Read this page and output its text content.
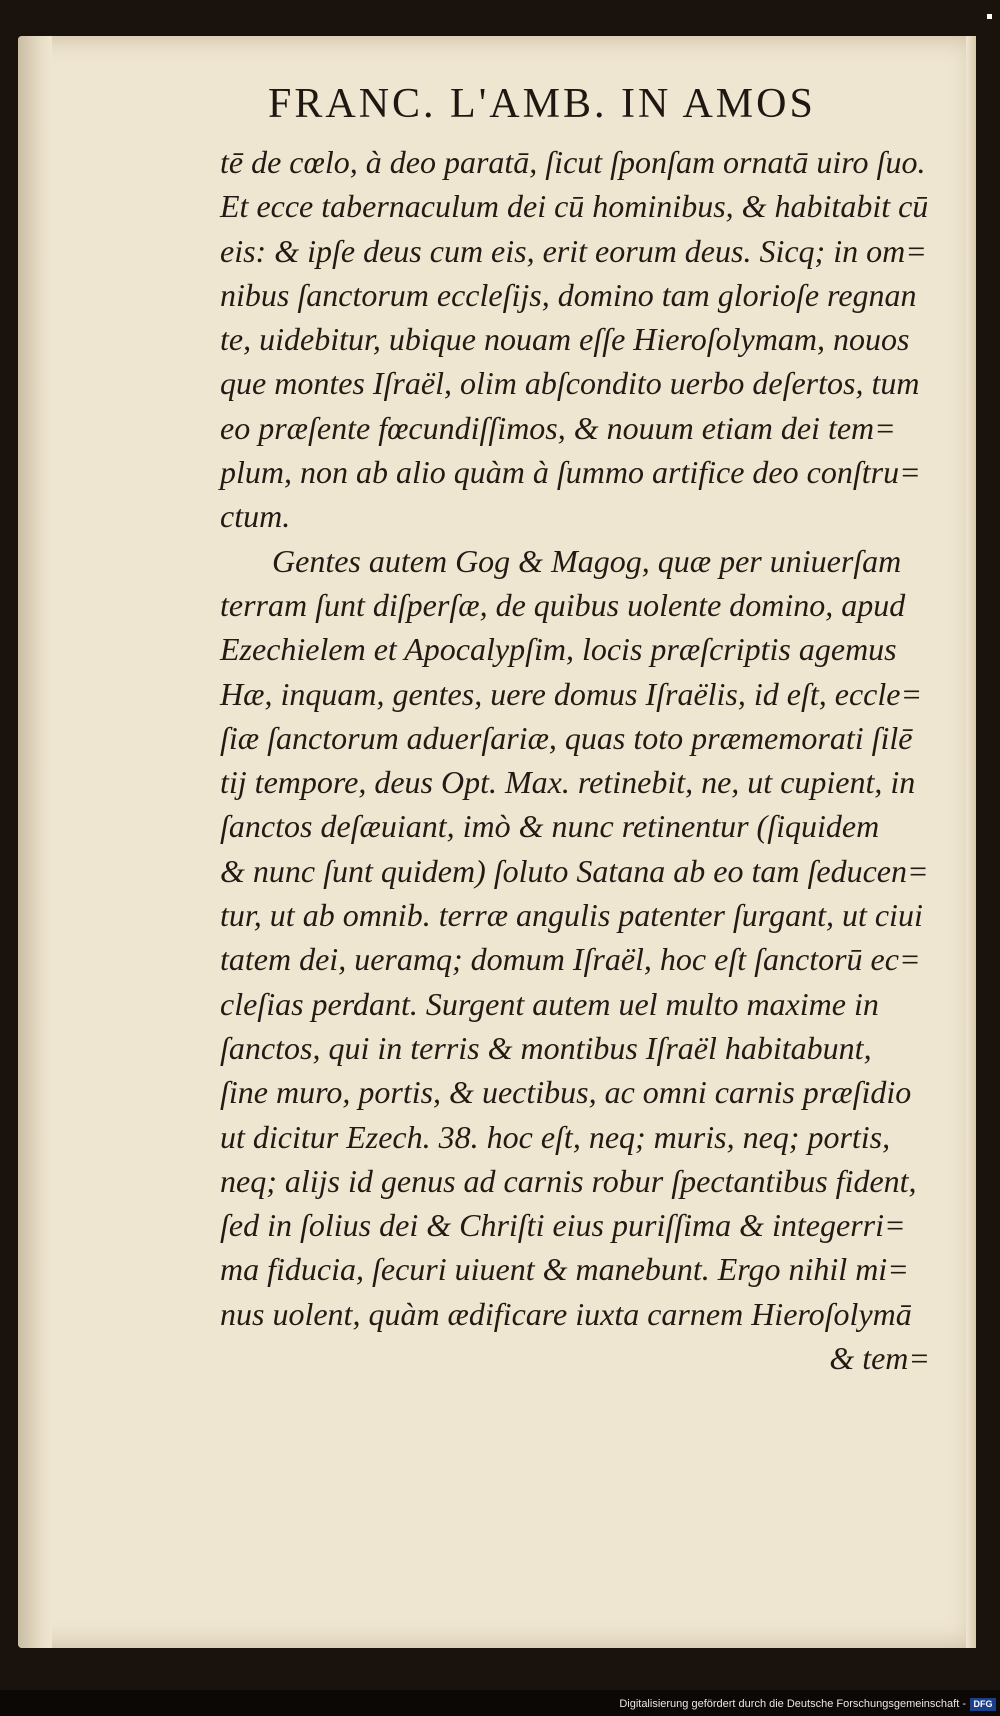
FRANC. L'AMB. IN AMOS
tē de cœlo, à deo paratā, ſicut ſponſam ornatā uiro ſuo.
Et ecce tabernaculum dei cū hominibus, & habitabit cū
eis: & ipſe deus cum eis, erit eorum deus. Sicq; in om=
nibus ſanctorum eccleſijs, domino tam glorioſe regnan
te, uidebitur, ubique nouam eſſe Hieroſolymam, nouos
que montes Iſraël, olim abſcondito uerbo deſertos, tum
eo præſente fœcundiſſimos, & nouum etiam dei tem=
plum, non ab alio quàm à ſummo artifice deo conſtru=
ctum.
Gentes autem Gog & Magog, quæ per uniuerſam
terram ſunt diſperſæ, de quibus uolente domino, apud
Ezechielem et Apocalypſim, locis præſcriptis agemus
Hæ, inquam, gentes, uere domus Iſraëlis, id eſt, eccle=
ſiæ ſanctorum aduerſariæ, quas toto præmemorati ſilē
tij tempore, deus Opt. Max. retinebit, ne, ut cupient, in
ſanctos deſæuiant, imò & nunc retinentur (ſiquidem
& nunc ſunt quidem) ſoluto Satana ab eo tam ſeducen=
tur, ut ab omnib. terræ angulis patenter ſurgant, ut ciui
tatem dei, ueramq; domum Iſraël, hoc eſt ſanctorū ec=
cleſias perdant. Surgent autem uel multo maxime in
ſanctos, qui in terris & montibus Iſraël habitabunt,
ſine muro, portis, & uectibus, ac omni carnis præſidio
ut dicitur Ezech. 38. hoc eſt, neq; muris, neq; portis,
neq; alijs id genus ad carnis robur ſpectantibus fident,
ſed in ſolius dei & Chriſti eius puriſſima & integerri=
ma fiducia, ſecuri uiuent & manebunt. Ergo nihil mi=
nus uolent, quàm ædificare iuxta carnem Hieroſolymā
& tem=
Digitalisierung gefördert durch die Deutsche Forschungsgemeinschaft - DFG
